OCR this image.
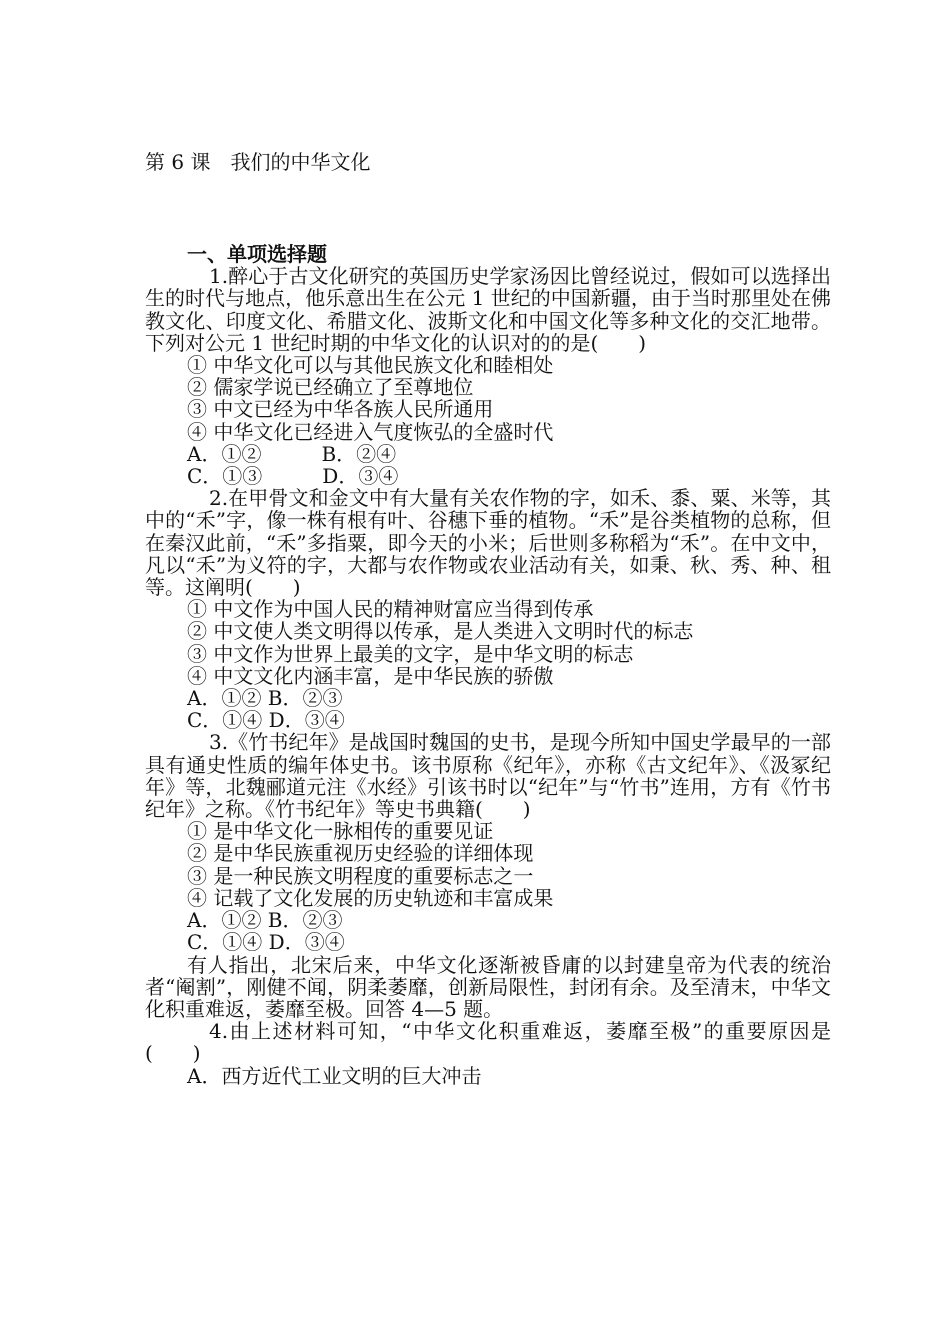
第 6 课　我们的中华文化

一、单项选择题

1.醉心于古文化研究的英国历史学家汤因比曾经说过，假如可以选择出生的时代与地点，他乐意出生在公元 1 世纪的中国新疆，由于当时那里处在佛教文化、印度文化、希腊文化、波斯文化和中国文化等多种文化的交汇地带。下列对公元 1 世纪时期的中华文化的认识对的的是(　　)

① 中华文化可以与其他民族文化和睦相处

② 儒家学说已经确立了至尊地位

③ 中文已经为中华各族人民所通用

④ 中华文化已经进入气度恢弘的全盛时代

A．①②　　　B．②④

C．①③　　　D．③④

2.在甲骨文和金文中有大量有关农作物的字，如禾、黍、粟、米等，其中的“禾”字，像一株有根有叶、谷穗下垂的植物。“禾”是谷类植物的总称，但在秦汉此前，“禾”多指粟，即今天的小米；后世则多称稻为“禾”。在中文中，凡以“禾”为义符的字，大都与农作物或农业活动有关，如秉、秋、秀、种、租等。这阐明(　　)

① 中文作为中国人民的精神财富应当得到传承

② 中文使人类文明得以传承，是人类进入文明时代的标志

③ 中文作为世界上最美的文字，是中华文明的标志

④ 中文文化内涵丰富，是中华民族的骄傲

A．①② B．②③

C．①④ D．③④

3.《竹书纪年》是战国时魏国的史书，是现今所知中国史学最早的一部具有通史性质的编年体史书。该书原称《纪年》，亦称《古文纪年》、《汲冢纪年》等，北魏郦道元注《水经》引该书时以“纪年”与“竹书”连用，方有《竹书纪年》之称。《竹书纪年》等史书典籍(　　)

① 是中华文化一脉相传的重要见证

② 是中华民族重视历史经验的详细体现

③ 是一种民族文明程度的重要标志之一

④ 记载了文化发展的历史轨迹和丰富成果

A．①② B．②③

C．①④ D．③④

有人指出，北宋后来，中华文化逐渐被昏庸的以封建皇帝为代表的统治者“阉割”，刚健不闻，阴柔萎靡，创新局限性，封闭有余。及至清末，中华文化积重难返，萎靡至极。回答 4—5 题。

4.由上述材料可知，“中华文化积重难返，萎靡至极”的重要原因是(　　)

A．西方近代工业文明的巨大冲击
